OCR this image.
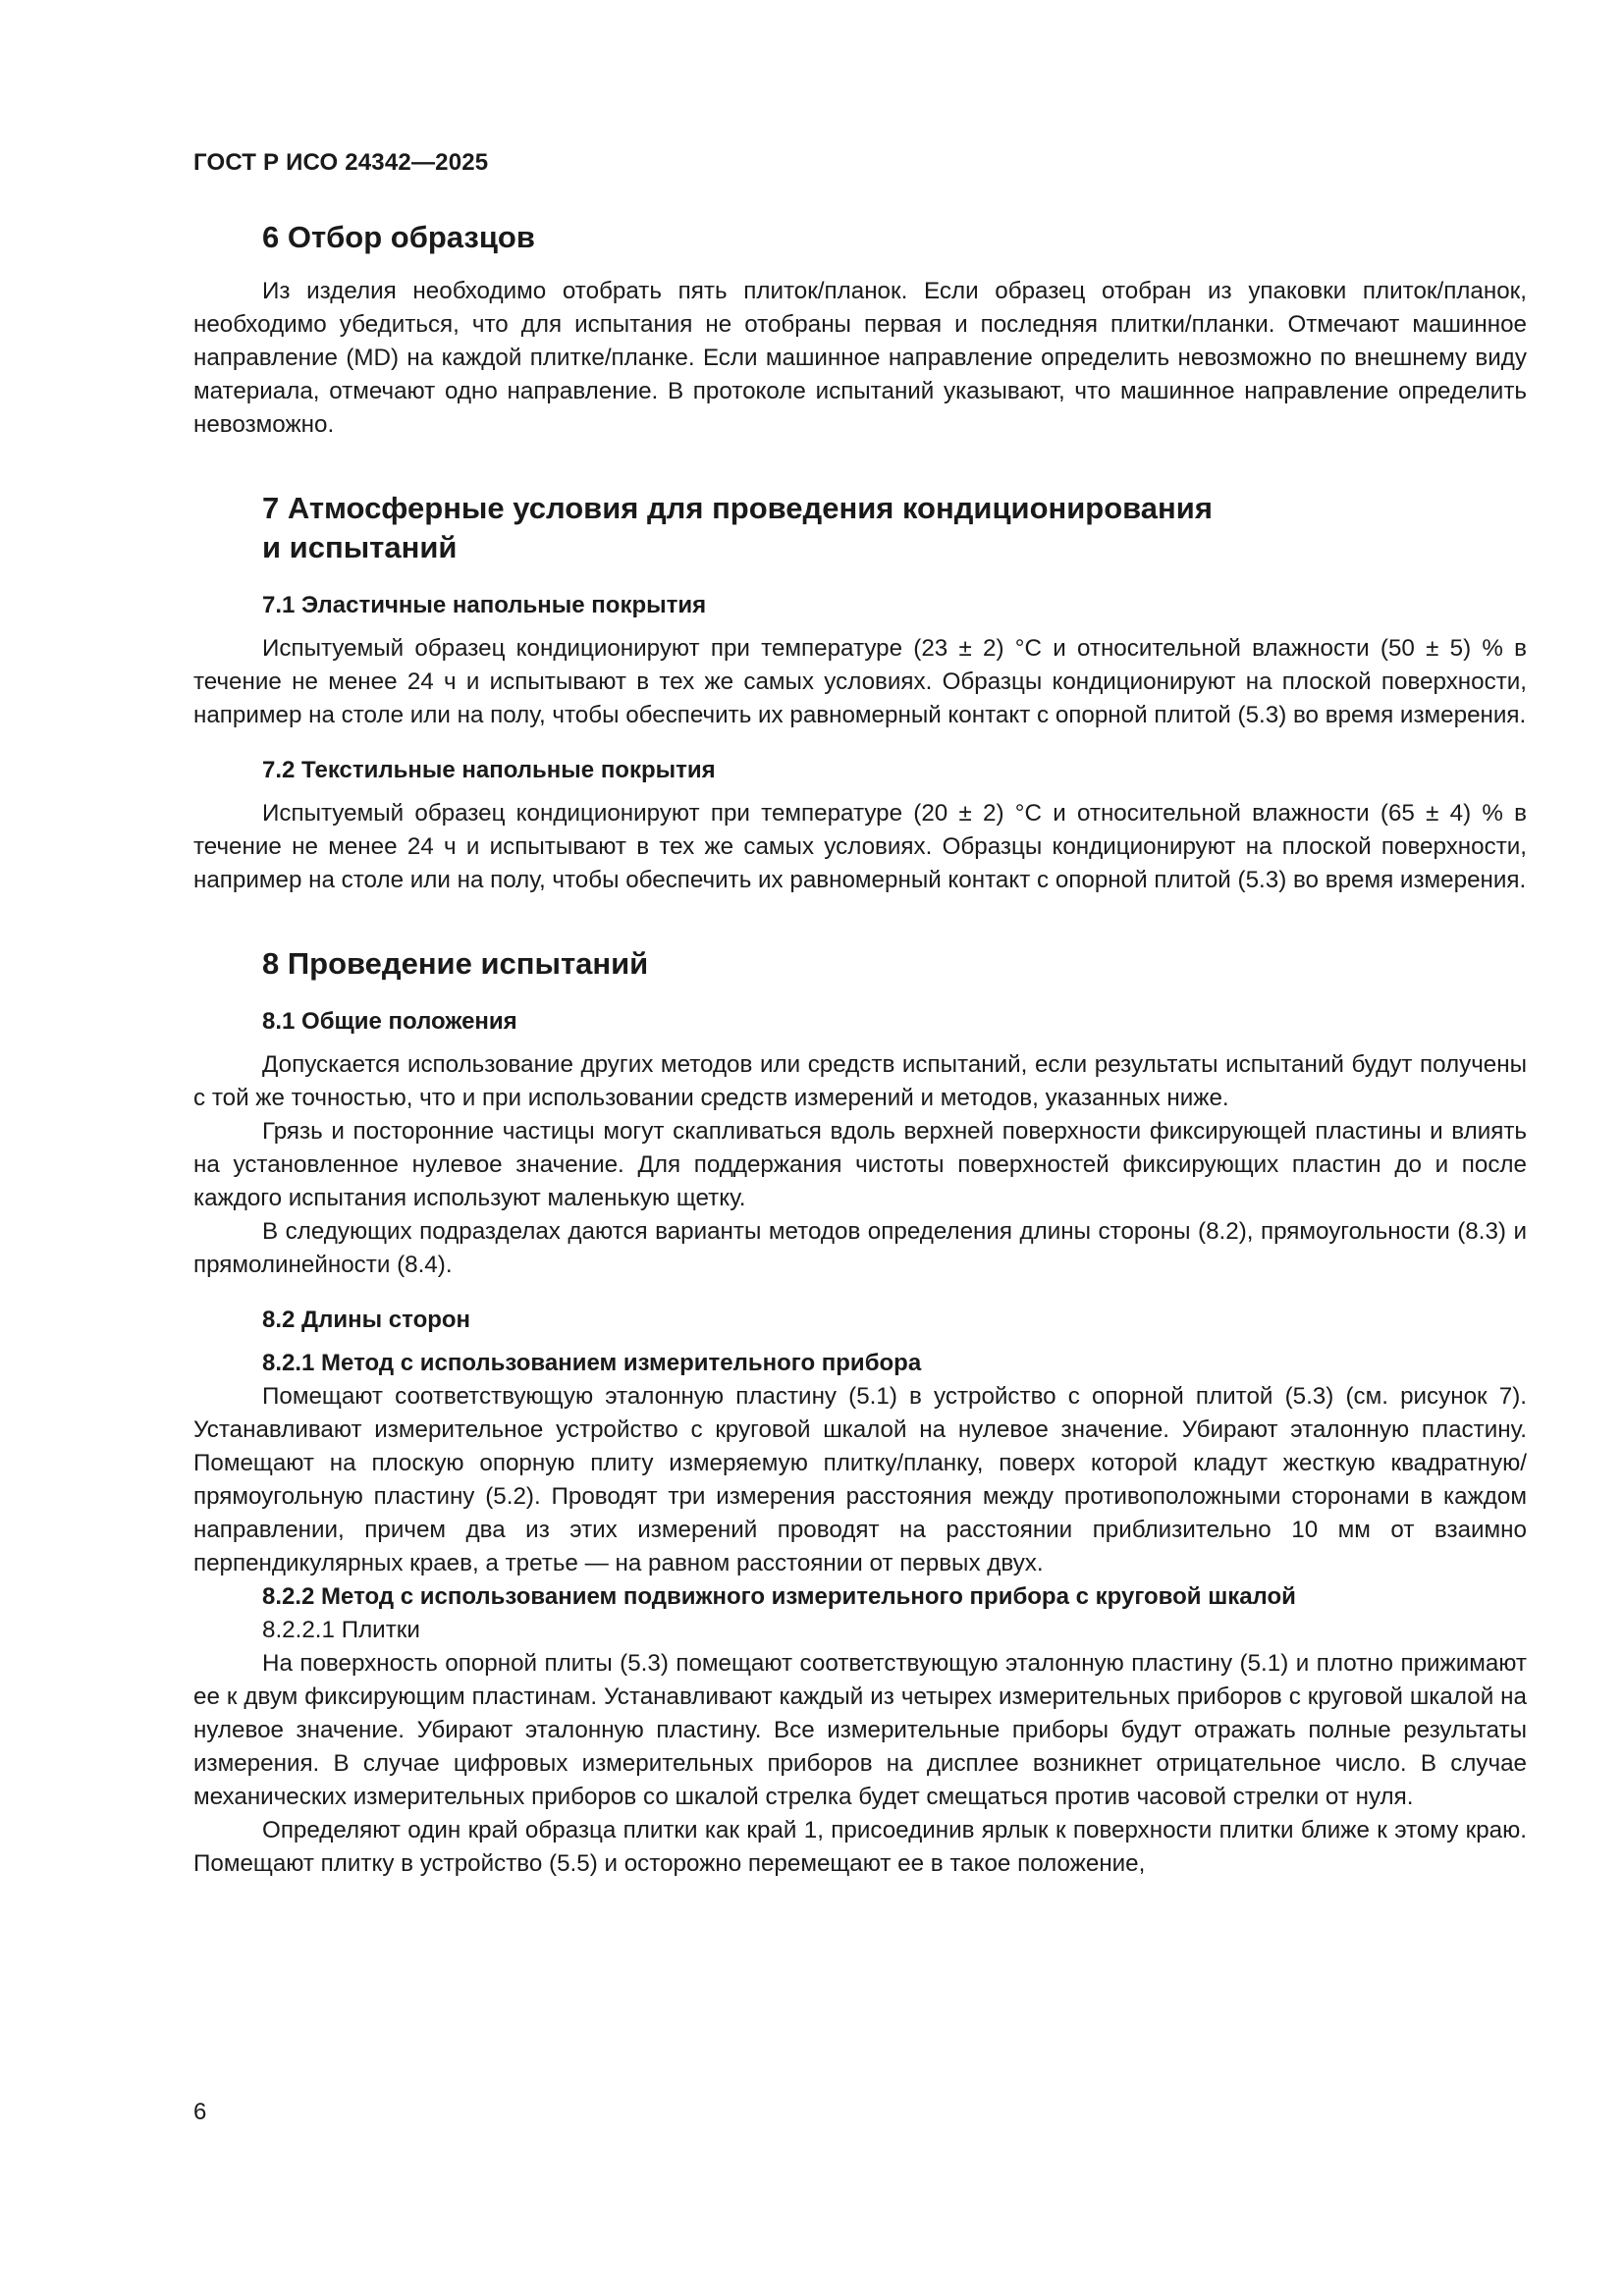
ГОСТ Р ИСО 24342—2025
6 Отбор образцов

Из изделия необходимо отобрать пять плиток/планок. Если образец отобран из упаковки плиток/планок, необходимо убедиться, что для испытания не отобраны первая и последняя плитки/планки. Отмечают машинное направление (MD) на каждой плитке/планке. Если машинное направление определить невозможно по внешнему виду материала, отмечают одно направление. В протоколе испытаний указывают, что машинное направление определить невозможно.

7 Атмосферные условия для проведения кондиционирования
и испытаний
7.1 Эластичные напольные покрытия

Испытуемый образец кондиционируют при температуре (23 ± 2) °С и относительной влажности (50 ± 5) % в течение не менее 24 ч и испытывают в тех же самых условиях. Образцы кондиционируют на плоской поверхности, например на столе или на полу, чтобы обеспечить их равномерный контакт с опорной плитой (5.3) во время измерения.

7.2 Текстильные напольные покрытия

Испытуемый образец кондиционируют при температуре (20 ± 2) °С и относительной влажности (65 ± 4) % в течение не менее 24 ч и испытывают в тех же самых условиях. Образцы кондиционируют на плоской поверхности, например на столе или на полу, чтобы обеспечить их равномерный контакт с опорной плитой (5.3) во время измерения.

8 Проведение испытаний
8.1 Общие положения

Допускается использование других методов или средств испытаний, если результаты испытаний будут получены с той же точностью, что и при использовании средств измерений и методов, указанных ниже.

Грязь и посторонние частицы могут скапливаться вдоль верхней поверхности фиксирующей пластины и влиять на установленное нулевое значение. Для поддержания чистоты поверхностей фиксирующих пластин до и после каждого испытания используют маленькую щетку.

В следующих подразделах даются варианты методов определения длины стороны (8.2), прямоугольности (8.3) и прямолинейности (8.4).

8.2 Длины сторон
8.2.1 Метод с использованием измерительного прибора

Помещают соответствующую эталонную пластину (5.1) в устройство с опорной плитой (5.3) (см. рисунок 7). Устанавливают измерительное устройство с круговой шкалой на нулевое значение. Убирают эталонную пластину. Помещают на плоскую опорную плиту измеряемую плитку/планку, поверх которой кладут жесткую квадратную/прямоугольную пластину (5.2). Проводят три измерения расстояния между противоположными сторонами в каждом направлении, причем два из этих измерений проводят на расстоянии приблизительно 10 мм от взаимно перпендикулярных краев, а третье — на равном расстоянии от первых двух.

8.2.2 Метод с использованием подвижного измерительного прибора с круговой шкалой

8.2.2.1 Плитки

На поверхность опорной плиты (5.3) помещают соответствующую эталонную пластину (5.1) и плотно прижимают ее к двум фиксирующим пластинам. Устанавливают каждый из четырех измерительных приборов с круговой шкалой на нулевое значение. Убирают эталонную пластину. Все измерительные приборы будут отражать полные результаты измерения. В случае цифровых измерительных приборов на дисплее возникнет отрицательное число. В случае механических измерительных приборов со шкалой стрелка будет смещаться против часовой стрелки от нуля.

Определяют один край образца плитки как край 1, присоединив ярлык к поверхности плитки ближе к этому краю. Помещают плитку в устройство (5.5) и осторожно перемещают ее в такое положение,

6
